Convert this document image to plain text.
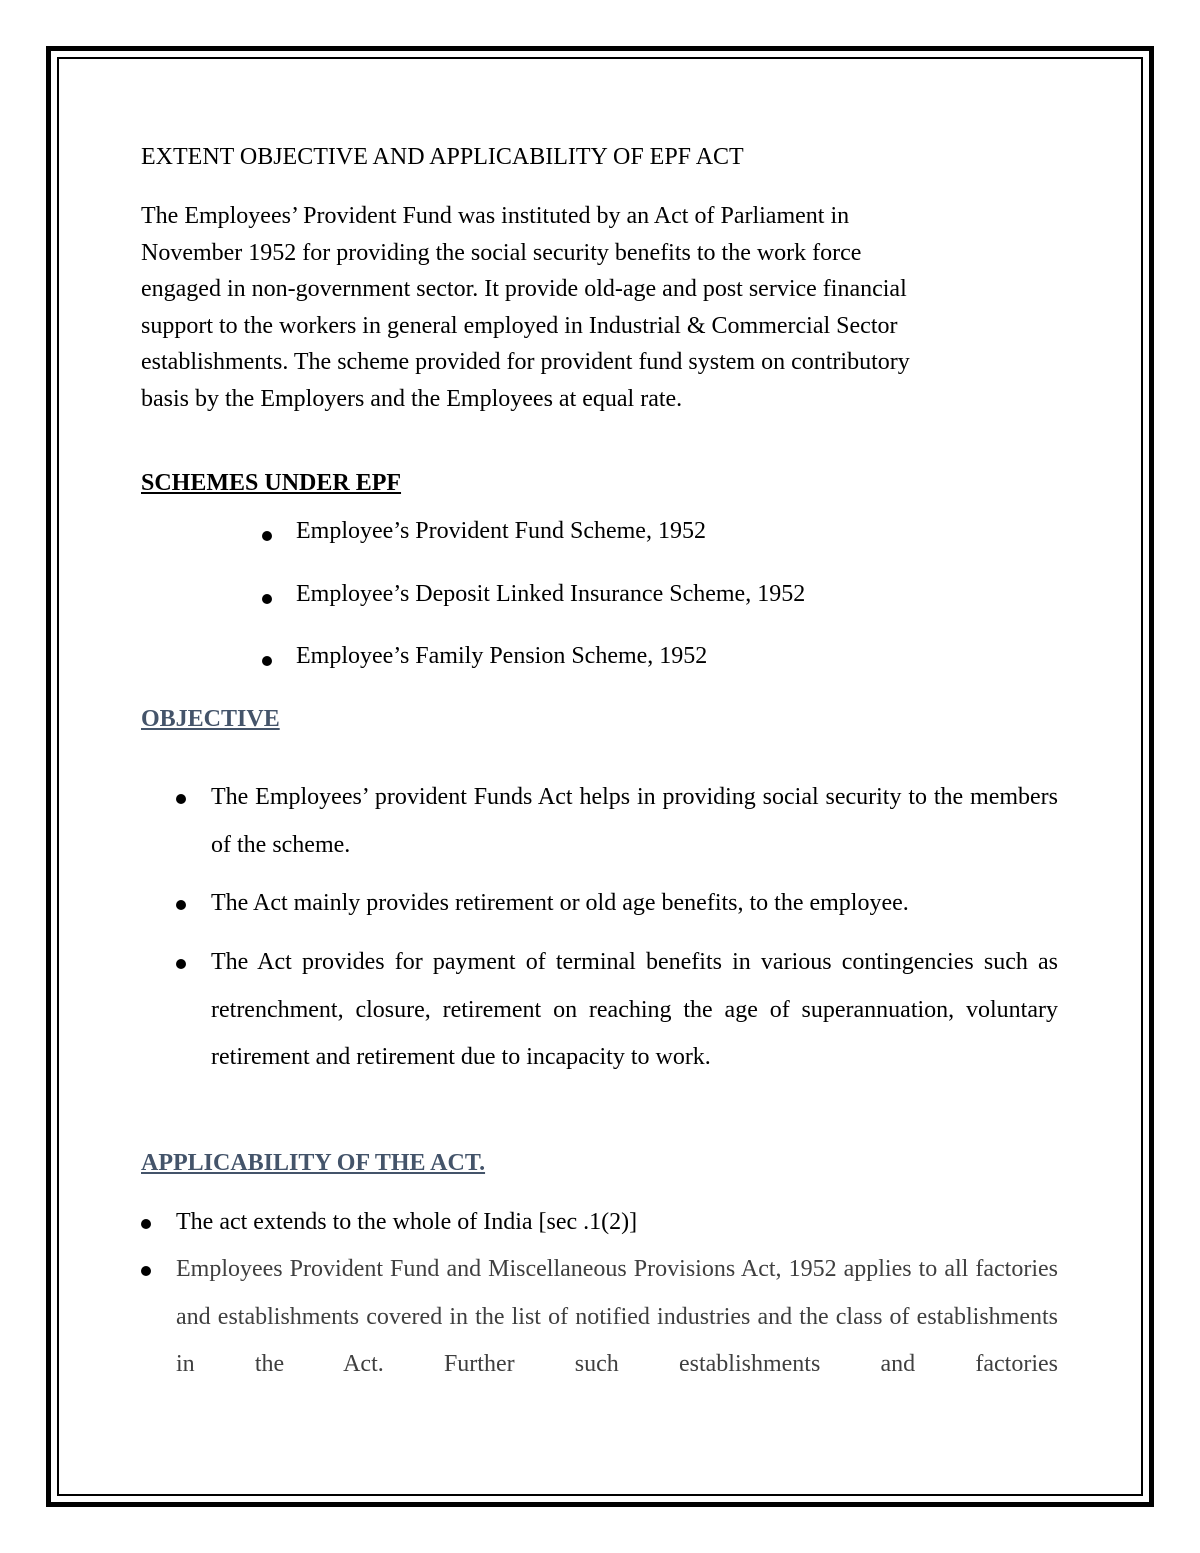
EXTENT OBJECTIVE AND APPLICABILITY OF EPF ACT
The Employees’ Provident Fund was instituted by an Act of Parliament in
November 1952 for providing the social security benefits to the work force
engaged in non-government sector. It provide old-age and post service financial
support to the workers in general employed in Industrial & Commercial Sector
establishments. The scheme provided for provident fund system on contributory
basis by the Employers and the Employees at equal rate.
SCHEMES UNDER EPF
Employee’s Provident Fund Scheme, 1952
Employee’s Deposit Linked Insurance Scheme, 1952
Employee’s Family Pension Scheme, 1952
OBJECTIVE
The Employees’ provident Funds Act helps in providing social security to the members of the scheme.
The Act mainly provides retirement or old age benefits, to the employee.
The Act provides for payment of terminal benefits in various contingencies such as retrenchment, closure, retirement on reaching the age of superannuation, voluntary retirement and retirement due to incapacity to work.
APPLICABILITY OF THE ACT.
The act extends to the whole of India [sec .1(2)]
Employees Provident Fund and Miscellaneous Provisions Act, 1952 applies to all factories and establishments covered in the list of notified industries and the class of establishments in the Act. Further such establishments and factories
